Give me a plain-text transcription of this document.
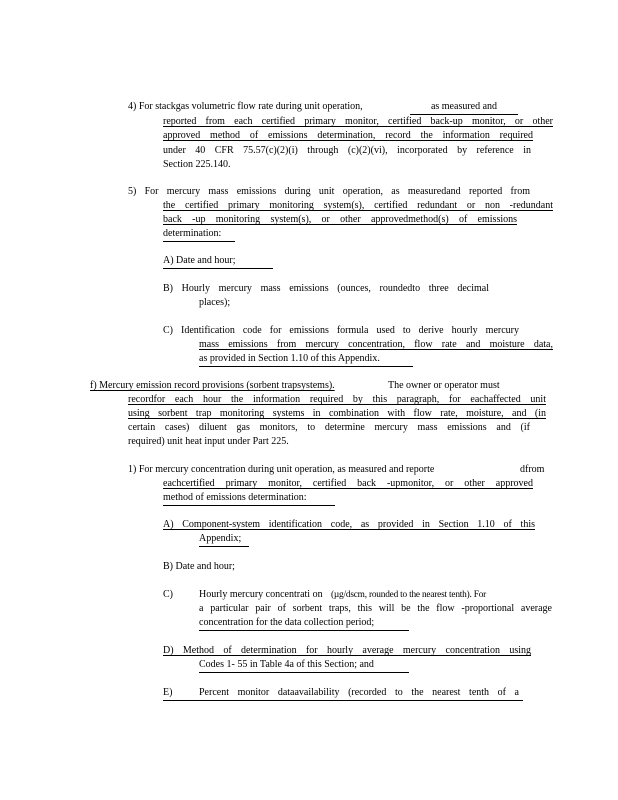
4) For stackgas volumetric flow rate during unit operation,	as measured and
reported from each certified primary monitor, certified back-up monitor, or other
approved method of emissions determination, record the information required
under 40 CFR 75.57(c)(2)(i) through (c)(2)(vi), incorporated by reference in
Section 225.140.
5) For mercury mass emissions during unit operation, as measuredand reported from
the certified primary monitoring system(s), certified redundant or non -redundant
back -up monitoring system(s), or other approvedmethod(s) of emissions
determination:
A) Date and hour;
B) Hourly mercury mass emissions (ounces, roundedto three decimal
places);
C) Identification code for emissions formula used to derive hourly mercury
mass emissions from mercury concentration, flow rate and moisture data,
as provided in Section 1.10 of this Appendix.
f) Mercury emission record provisions (sorbent trapsystems).	The owner or operator must
recordfor each hour the information required by this paragraph, for eachaffected unit
using sorbent trap monitoring systems in combination with flow rate, moisture, and (in
certain cases) diluent gas monitors, to determine mercury mass emissions and (if
required) unit heat input under Part 225.
1) For mercury concentration during unit operation, as measured and reporte	dfrom
eachcertified primary monitor, certified back -upmonitor, or other approved
method of emissions determination:
A) Component-system identification code, as provided in Section 1.10 of this
Appendix;
B) Date and hour;
C)	Hourly mercury concentrati on (µg/dscm, rounded to the nearest tenth). For
a particular pair of sorbent traps, this will be the flow -proportional average
concentration for the data collection period;
D) Method of determination for hourly average mercury concentration using
Codes 1- 55 in Table 4a of this Section; and
E)	Percent monitor dataavailability (recorded to the nearest tenth of a
